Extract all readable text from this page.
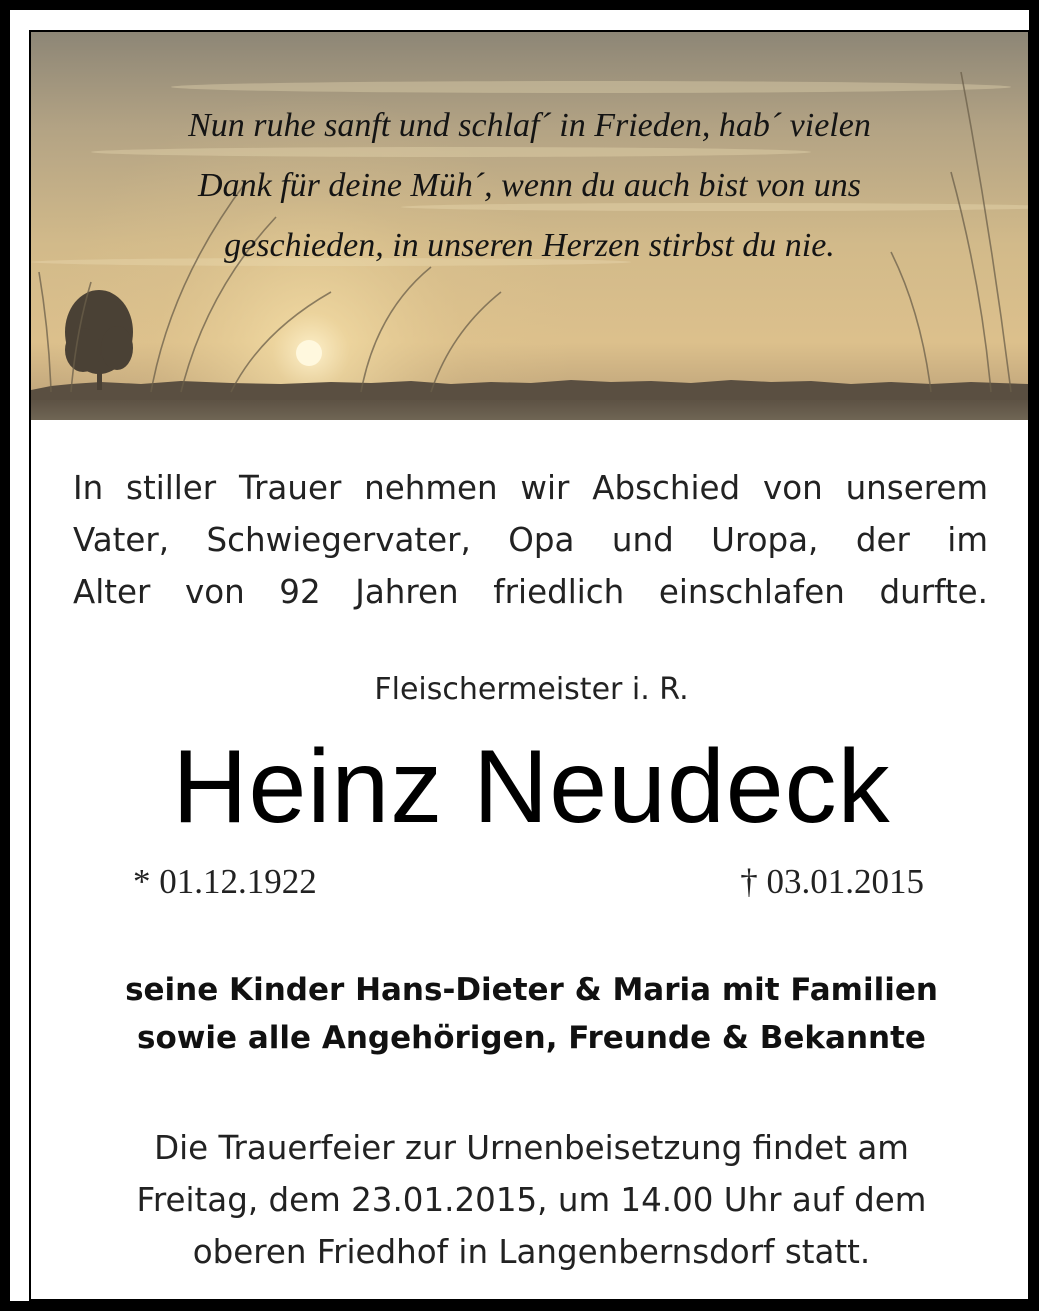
Nun ruhe sanft und schlaf´ in Frieden, hab´ vielen
Dank für deine Müh´, wenn du auch bist von uns
geschieden, in unseren Herzen stirbst du nie.
In stiller Trauer nehmen wir Abschied von unserem
Vater, Schwiegervater, Opa und Uropa, der im
Alter von 92 Jahren friedlich einschlafen durfte.
Fleischermeister i. R.
Heinz Neudeck
* 01.12.1922	† 03.01.2015
seine Kinder Hans-Dieter & Maria mit Familien
sowie alle Angehörigen, Freunde & Bekannte
Die Trauerfeier zur Urnenbeisetzung findet am
Freitag, dem 23.01.2015, um 14.00 Uhr auf dem
oberen Friedhof in Langenbernsdorf statt.
